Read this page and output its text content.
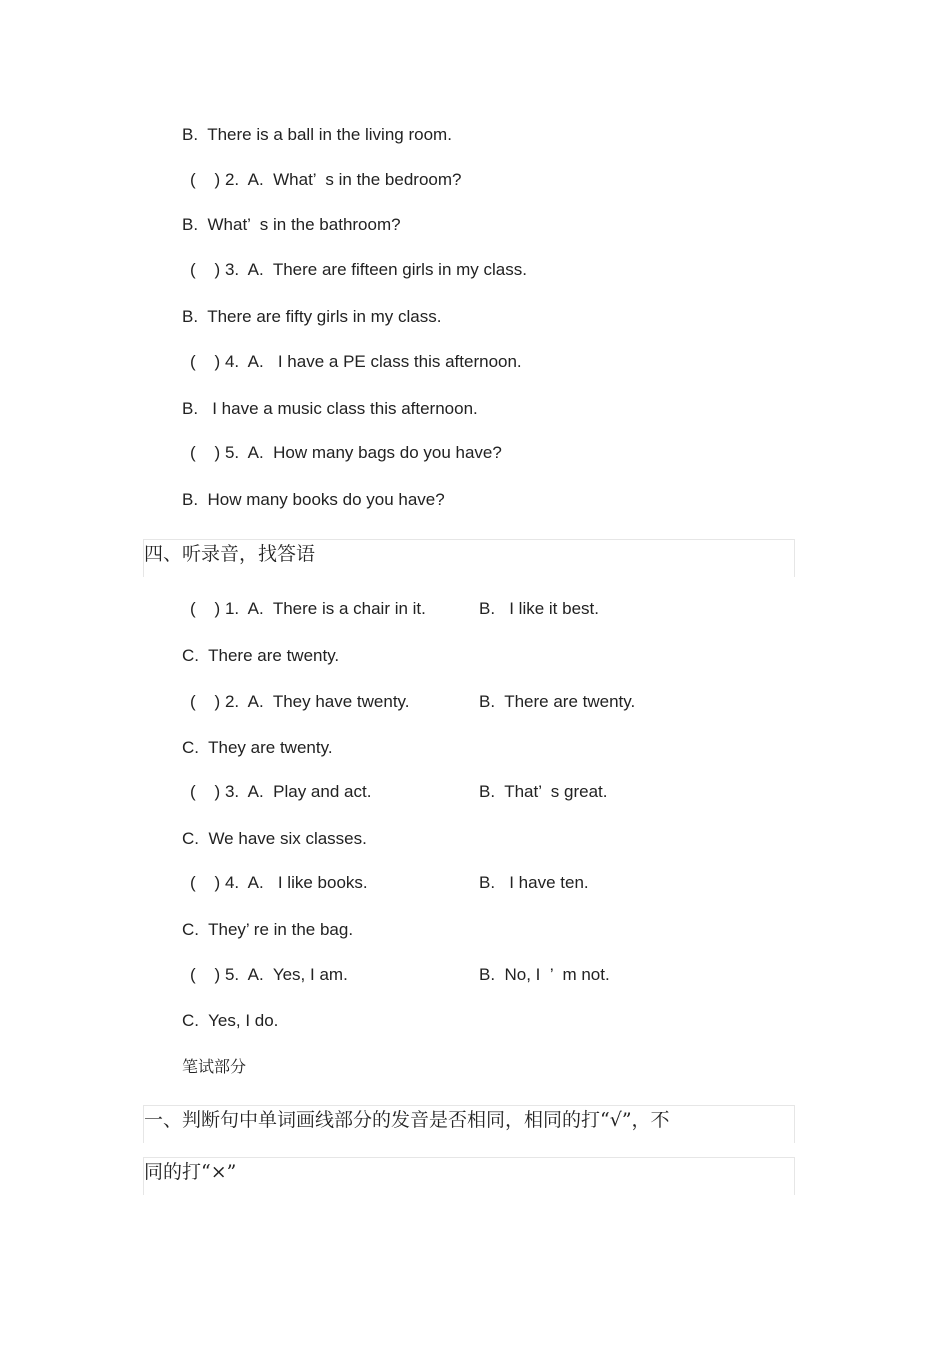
B.  There is a ball in the living room.
(    ) 2.  A.  What’  s in the bedroom?
B.  What’  s in the bathroom?
(    ) 3.  A.  There are fifteen girls in my class.
B.  There are fifty girls in my class.
(    ) 4.  A.   I have a PE class this afternoon.
B.   I have a music class this afternoon.
(    ) 5.  A.  How many bags do you have?
B.  How many books do you have?
四、听录音，找答语
(    ) 1.  A.  There is a chair in it.	B.   I like it best.
C.  There are twenty.
(    ) 2.  A.  They have twenty.	B.  There are twenty.
C.  They are twenty.
(    ) 3.  A.  Play and act.	B.  That’  s great.
C.  We have six classes.
(    ) 4.  A.   I like books.	B.   I have ten.
C.  They’ re in the bag.
(    ) 5.  A.  Yes, I am.	B.  No, I  ’  m not.
C.  Yes, I do.
笔试部分
一、判断句中单词画线部分的发音是否相同，相同的打“√”，不
同的打“×”
